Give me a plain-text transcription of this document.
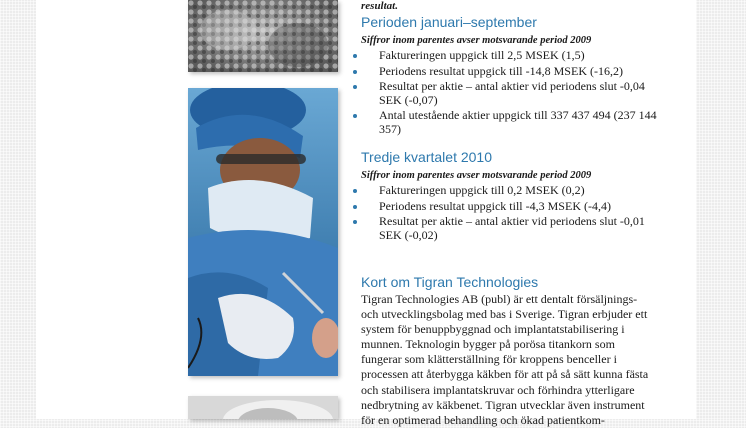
resultat.
Perioden januari–september
Siffror inom parentes avser motsvarande period 2009
Faktureringen uppgick till 2,5 MSEK (1,5)
Periodens resultat uppgick till -14,8 MSEK (-16,2)
Resultat per aktie – antal aktier vid periodens slut -0,04 SEK (-0,07)
Antal utestående aktier uppgick till 337 437 494 (237 144 357)
Tredje kvartalet 2010
Siffror inom parentes avser motsvarande period 2009
Faktureringen uppgick till 0,2 MSEK (0,2)
Periodens resultat uppgick till -4,3 MSEK (-4,4)
Resultat per aktie – antal aktier vid periodens slut -0,01 SEK (-0,02)
Kort om Tigran Technologies
Tigran Technologies AB (publ) är ett dentalt försäljnings- och utvecklingsbolag med bas i Sverige. Tigran erbjuder ett system för benuppbyggnad och implantatstabilisering i munnen. Teknologin bygger på porösa titankorn som fungerar som klätterställning för kroppens benceller i processen att återbygga käkben för att på så sätt kunna fästa och stabilisera implantatskruvar och förhindra ytterligare nedbrytning av käkbenet. Tigran utvecklar även instrument för en optimerad behandling och ökad patientkom-
